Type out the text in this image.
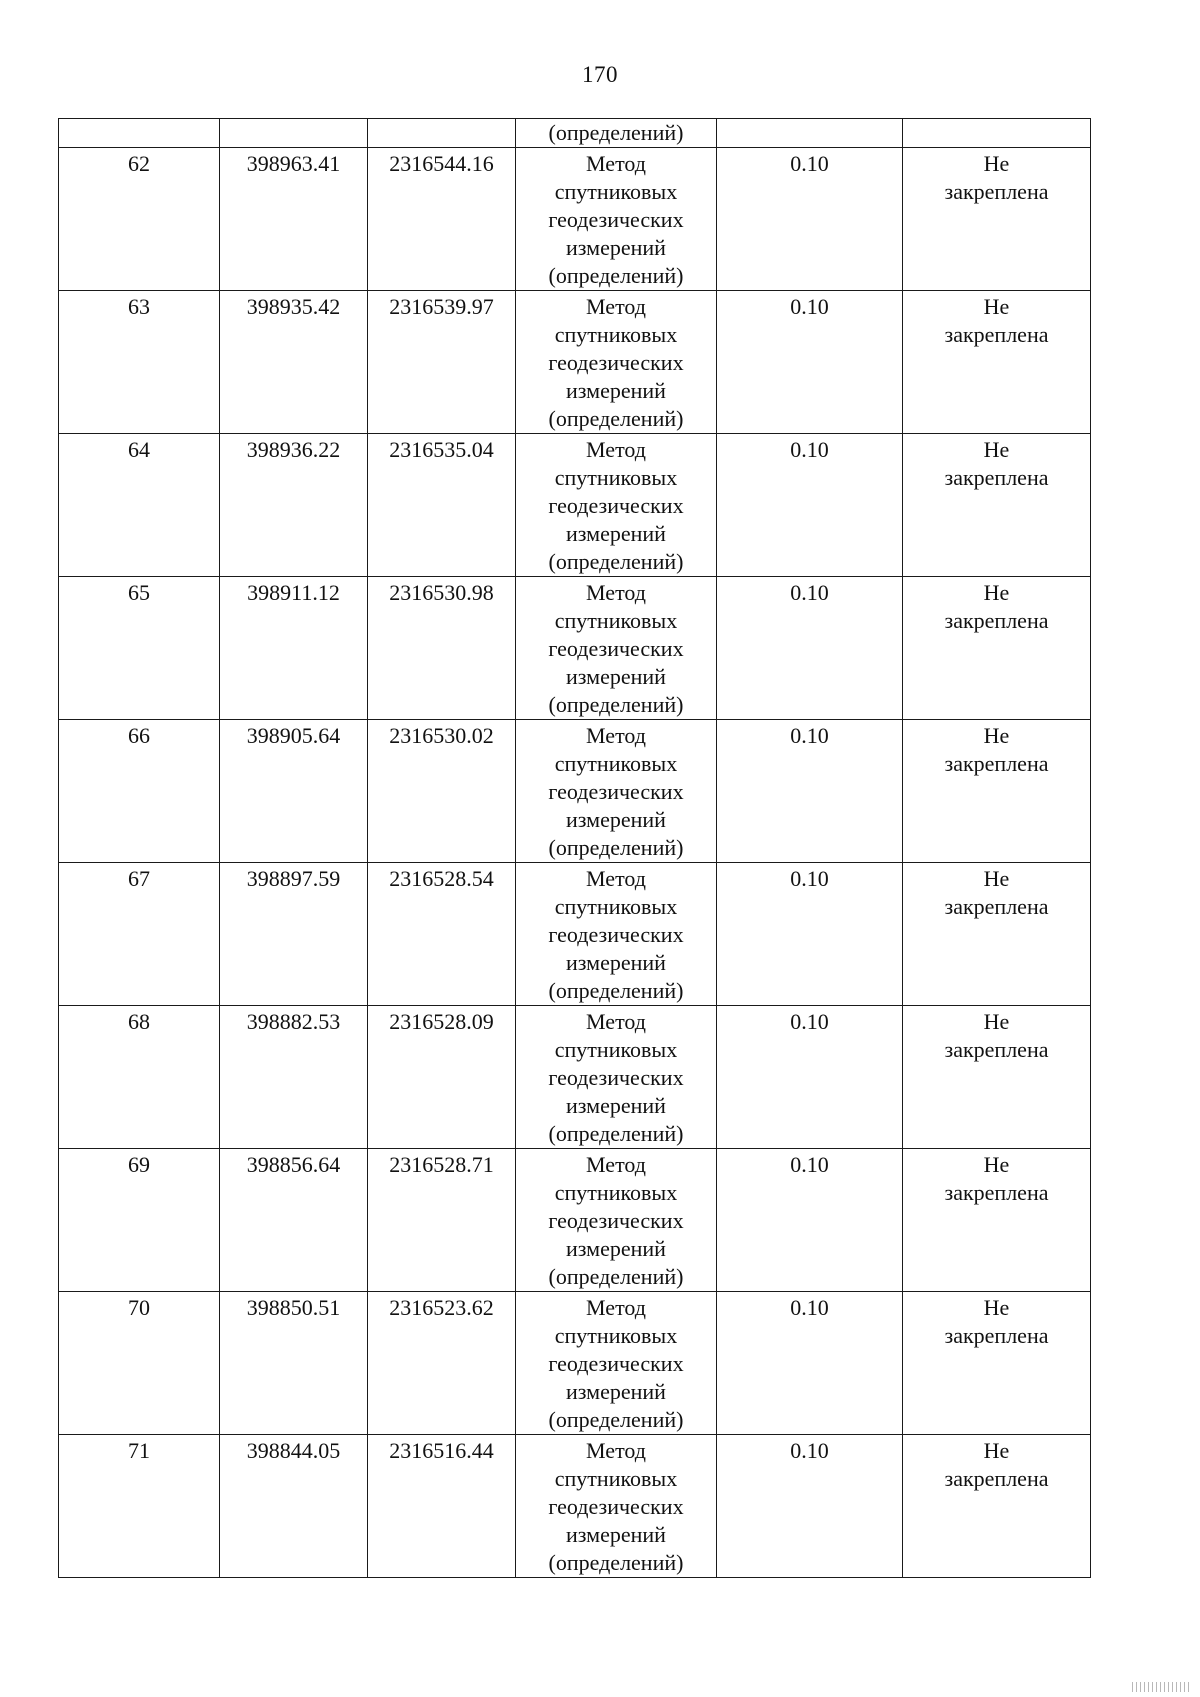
170
			(определений)		
62	398963.41	2316544.16	Метод
спутниковых
геодезических
измерений
(определений)	0.10	Не
закреплена

63	398935.42	2316539.97	Метод
спутниковых
геодезических
измерений
(определений)	0.10	Не
закреплена

64	398936.22	2316535.04	Метод
спутниковых
геодезических
измерений
(определений)	0.10	Не
закреплена

65	398911.12	2316530.98	Метод
спутниковых
геодезических
измерений
(определений)	0.10	Не
закреплена

66	398905.64	2316530.02	Метод
спутниковых
геодезических
измерений
(определений)	0.10	Не
закреплена

67	398897.59	2316528.54	Метод
спутниковых
геодезических
измерений
(определений)	0.10	Не
закреплена

68	398882.53	2316528.09	Метод
спутниковых
геодезических
измерений
(определений)	0.10	Не
закреплена

69	398856.64	2316528.71	Метод
спутниковых
геодезических
измерений
(определений)	0.10	Не
закреплена

70	398850.51	2316523.62	Метод
спутниковых
геодезических
измерений
(определений)	0.10	Не
закреплена

71	398844.05	2316516.44	Метод
спутниковых
геодезических
измерений
(определений)	0.10	Не
закреплена
